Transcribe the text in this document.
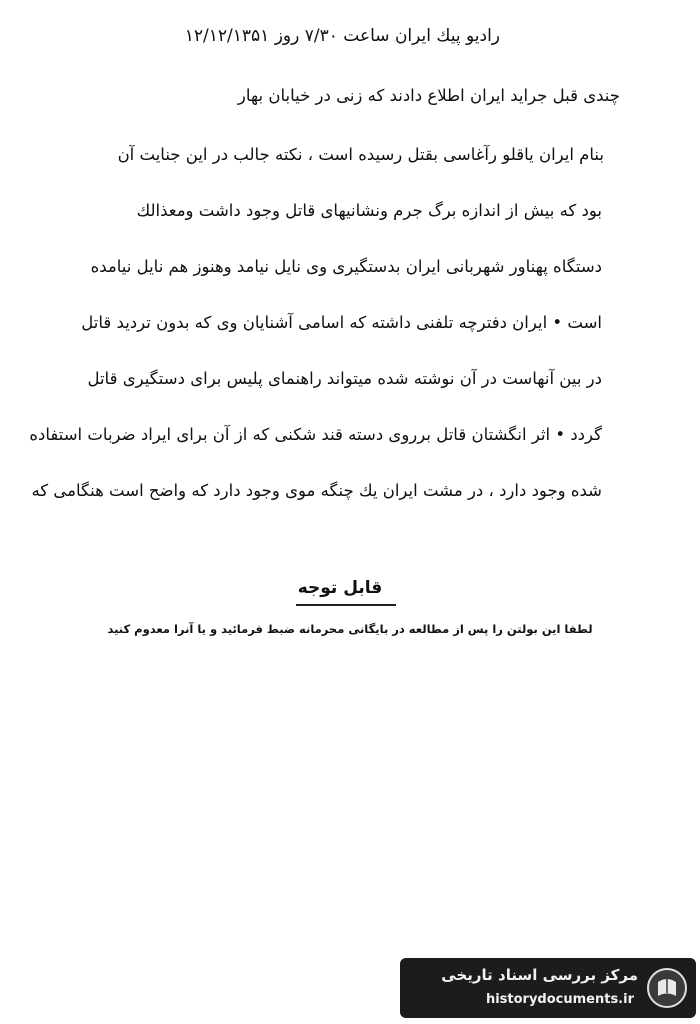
راديو پيك ايران ساعت ۷/۳۰ روز ۱۲/۱۲/۱۳۵۱
چندی قبل جرايد ايران اطلاع دادند كه زنی در خيابان بهار
بنام ايران ياقلو رآغاسی بقتل رسيده است ، نكته جالب در اين جنايت آن
بود كه بيش از اندازه برگ جرم ونشانيهای قاتل وجود داشت ومعذالك
دستگاه پهناور شهربانی ايران بدستگيری وی نايل نيامد وهنوز هم نايل نيامده
است • ايران دفترچه تلفنی داشته كه اسامی آشنايان وی كه بدون ترديد قاتل
در بين آنهاست در آن نوشته شده ميتواند راهنمای پليس برای دستگيری قاتل
گردد • اثر انگشتان قاتل برروی دسته قند شكنی كه از آن برای ايراد ضربات استفاده
شده وجود دارد ، در مشت ايران يك چنگه موی وجود دارد كه واضح است هنگامی كه
قابل توجه
لطفا اين بولتن را پس از مطالعه در بايگانی محرمانه ضبط فرمائيد و يا آنرا معدوم كنيد
مرکز بررسی اسناد تاریخی
historydocuments.ir
